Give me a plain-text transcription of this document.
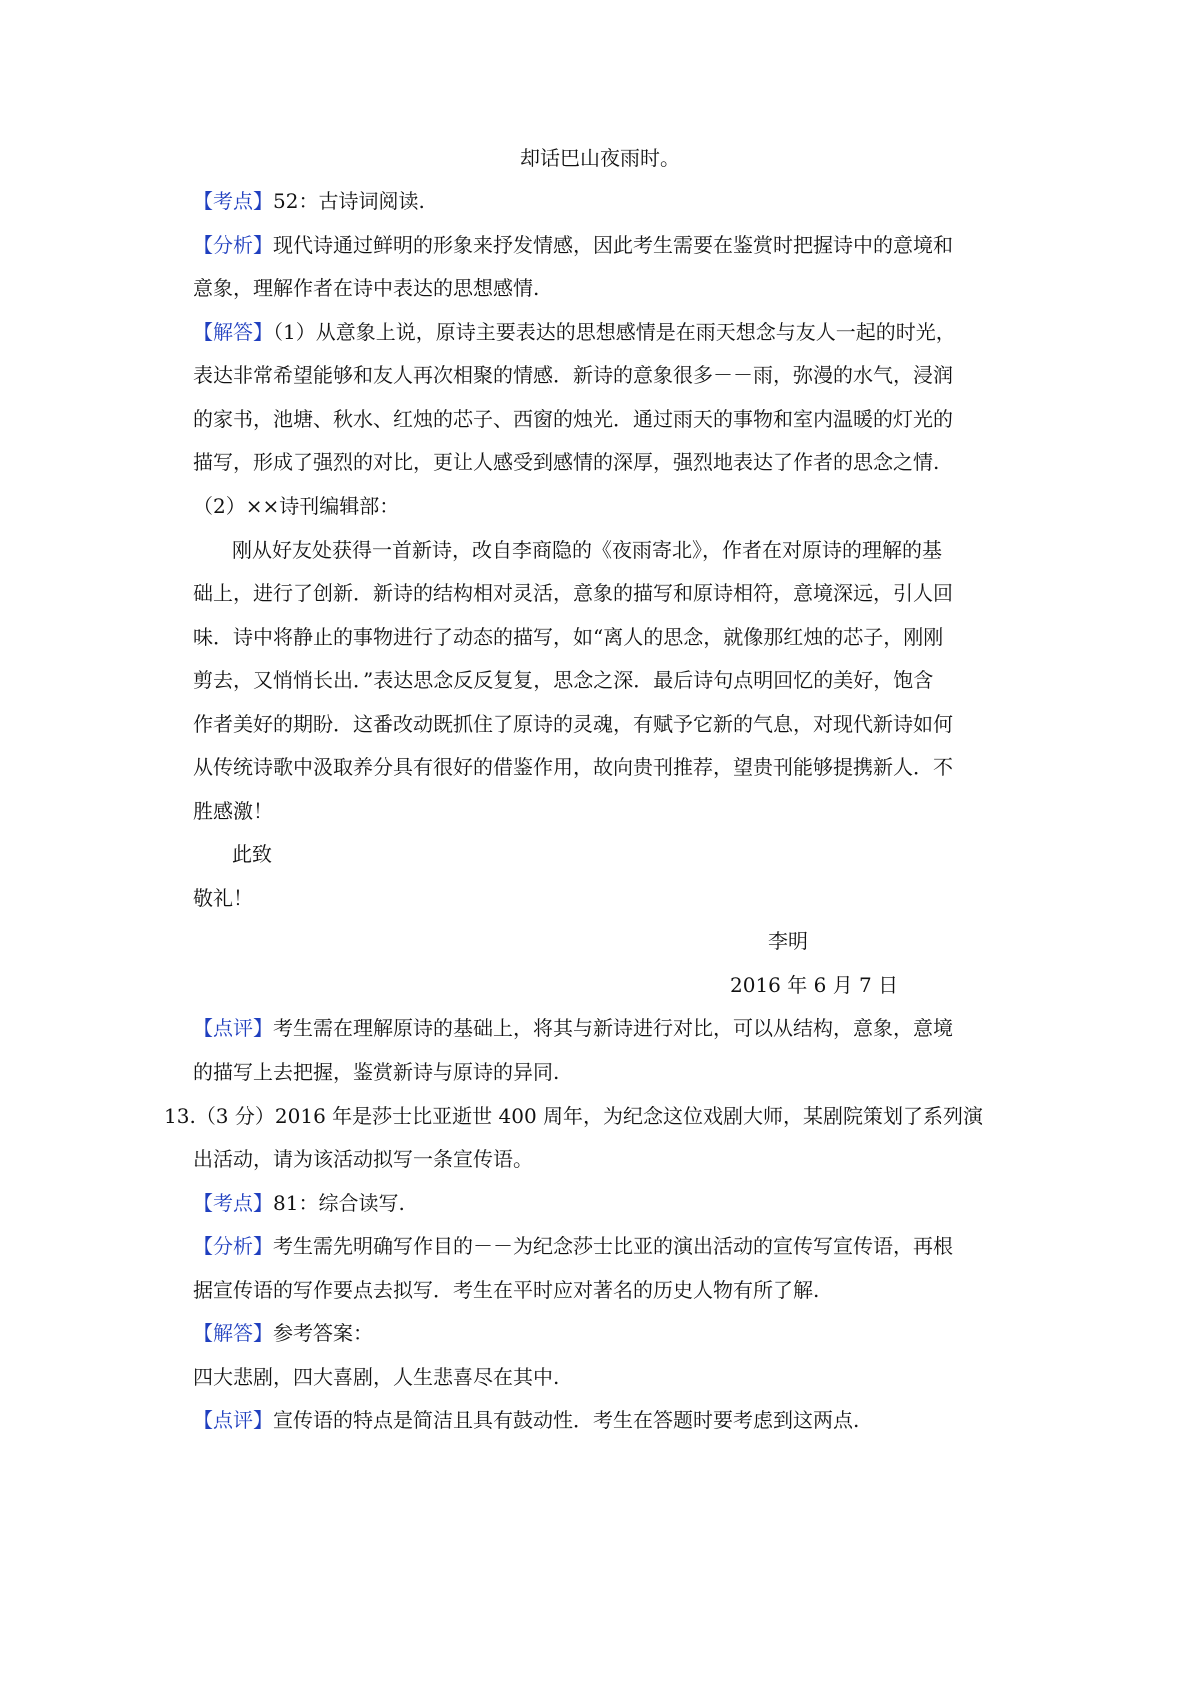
却话巴山夜雨时。
【考点】52：古诗词阅读.
【分析】现代诗通过鲜明的形象来抒发情感，因此考生需要在鉴赏时把握诗中的意境和
意象，理解作者在诗中表达的思想感情.
【解答】（1）从意象上说，原诗主要表达的思想感情是在雨天想念与友人一起的时光，
表达非常希望能够和友人再次相聚的情感．新诗的意象很多－－雨，弥漫的水气，浸润
的家书，池塘、秋水、红烛的芯子、西窗的烛光．通过雨天的事物和室内温暖的灯光的
描写，形成了强烈的对比，更让人感受到感情的深厚，强烈地表达了作者的思念之情.
（2）××诗刊编辑部：
刚从好友处获得一首新诗，改自李商隐的《夜雨寄北》，作者在对原诗的理解的基
础上，进行了创新．新诗的结构相对灵活，意象的描写和原诗相符，意境深远，引人回
味．诗中将静止的事物进行了动态的描写，如“离人的思念，就像那红烛的芯子，刚刚
剪去，又悄悄长出．”表达思念反反复复，思念之深．最后诗句点明回忆的美好，饱含
作者美好的期盼．这番改动既抓住了原诗的灵魂，有赋予它新的气息，对现代新诗如何
从传统诗歌中汲取养分具有很好的借鉴作用，故向贵刊推荐，望贵刊能够提携新人．不
胜感激！
此致
敬礼！
李明
2016 年 6 月 7 日
【点评】考生需在理解原诗的基础上，将其与新诗进行对比，可以从结构，意象，意境
的描写上去把握，鉴赏新诗与原诗的异同.
13.（3 分）2016 年是莎士比亚逝世 400 周年，为纪念这位戏剧大师，某剧院策划了系列演
出活动，请为该活动拟写一条宣传语。
【考点】81：综合读写.
【分析】考生需先明确写作目的－－为纪念莎士比亚的演出活动的宣传写宣传语，再根
据宣传语的写作要点去拟写．考生在平时应对著名的历史人物有所了解.
【解答】参考答案：
四大悲剧，四大喜剧，人生悲喜尽在其中.
【点评】宣传语的特点是简洁且具有鼓动性．考生在答题时要考虑到这两点.
